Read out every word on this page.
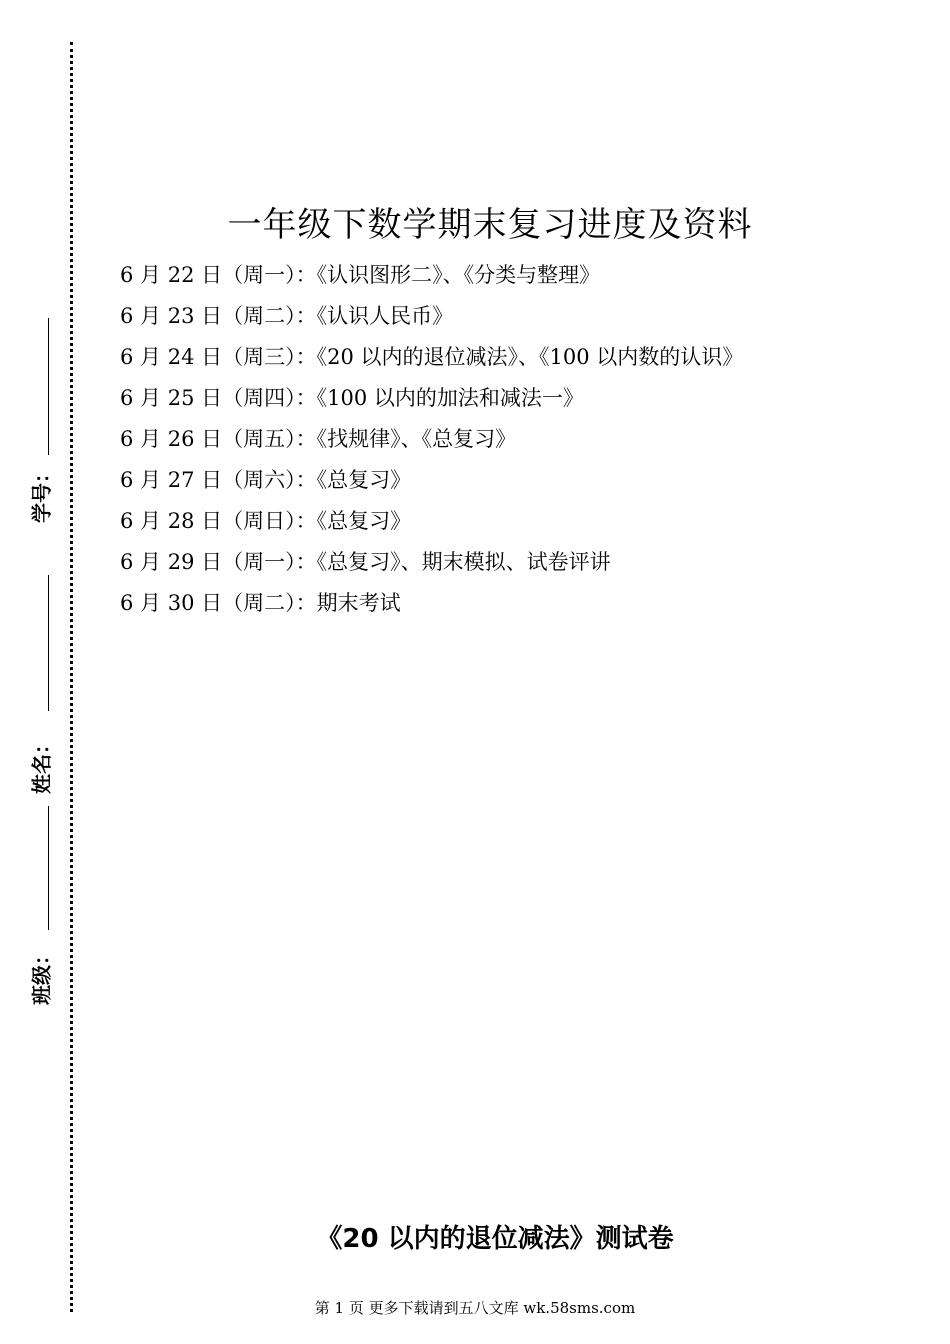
学号：
姓名：
班级：
一年级下数学期末复习进度及资料
6 月 22 日（周一）：《认识图形二》、《分类与整理》
6 月 23 日（周二）：《认识人民币》
6 月 24 日（周三）：《20 以内的退位减法》、《100 以内数的认识》
6 月 25 日（周四）：《100 以内的加法和减法一》
6 月 26 日（周五）：《找规律》、《总复习》
6 月 27 日（周六）：《总复习》
6 月 28 日（周日）：《总复习》
6 月 29 日（周一）：《总复习》、期末模拟、试卷评讲
6 月 30 日（周二）：期末考试
《20 以内的退位减法》测试卷
第 1 页 更多下载请到五八文库 wk.58sms.com
